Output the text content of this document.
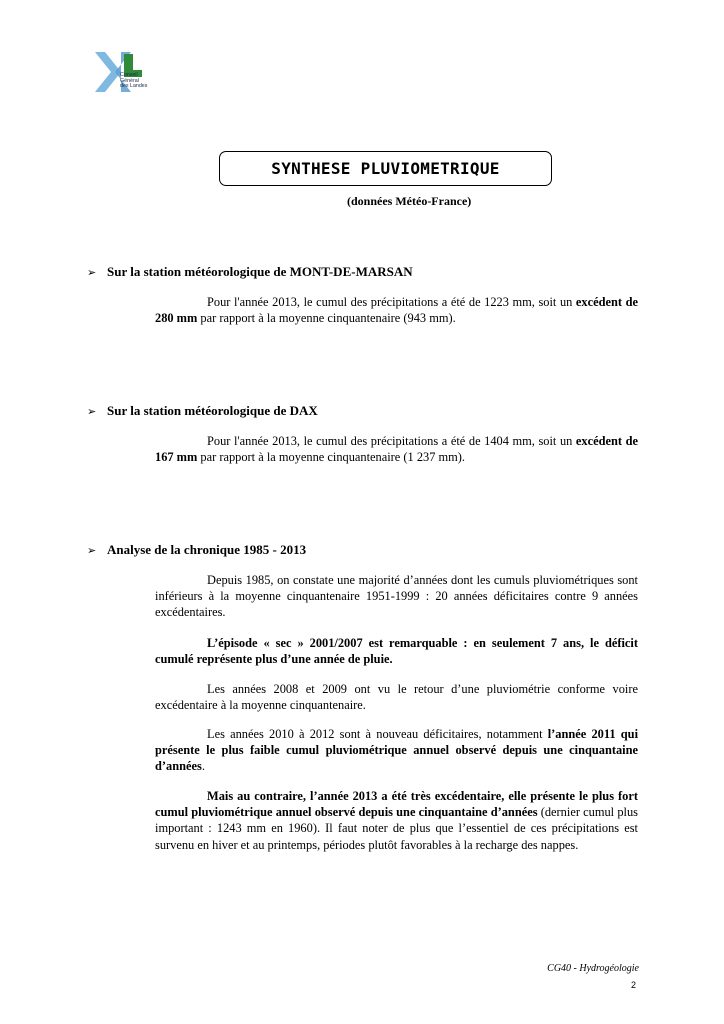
Conseil
Général
des Landes
SYNTHESE PLUVIOMETRIQUE
(données Météo-France)
➢ Sur la station météorologique de MONT-DE-MARSAN

Pour l'année 2013, le cumul des précipitations a été de 1223 mm, soit un excédent de 280 mm par rapport à la moyenne cinquantenaire (943 mm).

➢ Sur la station météorologique de DAX

Pour l'année 2013, le cumul des précipitations a été de 1404 mm, soit un excédent de 167 mm par rapport à la moyenne cinquantenaire (1 237 mm).

➢ Analyse de la chronique 1985 - 2013

Depuis 1985, on constate une majorité d’années dont les cumuls pluviométriques sont inférieurs à la moyenne cinquantenaire 1951-1999 : 20 années déficitaires contre 9 années excédentaires.

L’épisode « sec » 2001/2007 est remarquable : en seulement 7 ans, le déficit cumulé représente plus d’une année de pluie.

Les années 2008 et 2009 ont vu le retour d’une pluviométrie conforme voire excédentaire à la moyenne cinquantenaire.

Les années 2010 à 2012 sont à nouveau déficitaires, notamment l’année 2011 qui présente le plus faible cumul pluviométrique annuel observé depuis une cinquantaine d’années.

Mais au contraire, l’année 2013 a été très excédentaire, elle présente le plus fort cumul pluviométrique annuel observé depuis une cinquantaine d’années (dernier cumul plus important : 1243 mm en 1960). Il faut noter de plus que l’essentiel de ces précipitations est survenu en hiver et au printemps, périodes plutôt favorables à la recharge des nappes.

CG40 - Hydrogéologie
2
